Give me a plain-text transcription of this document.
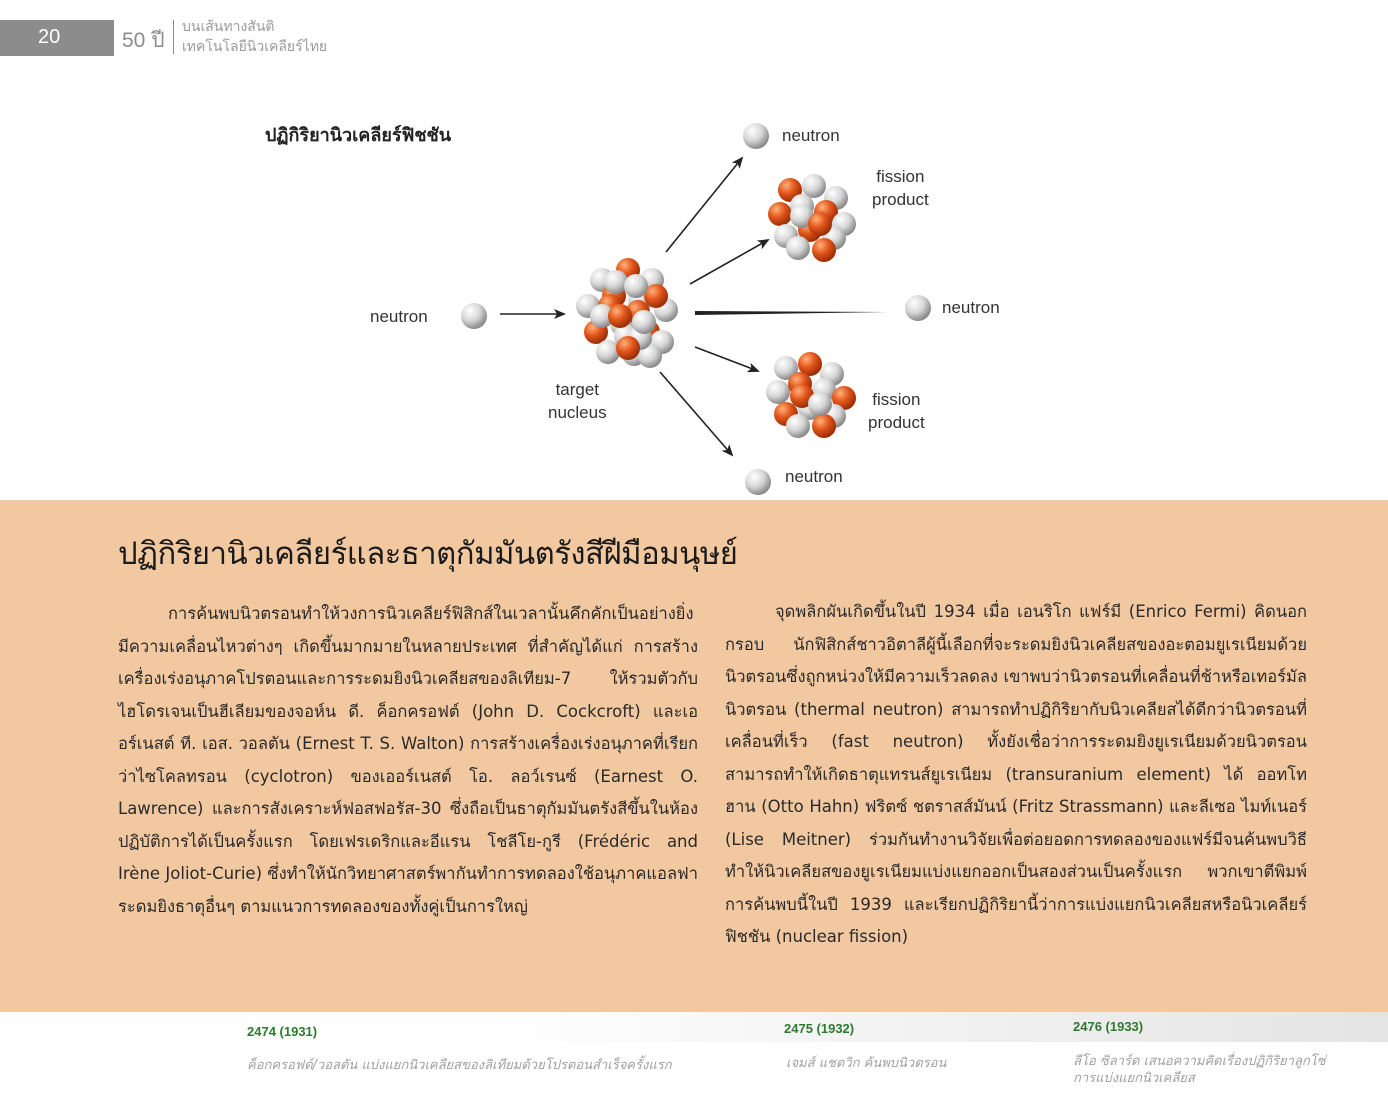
20	50 ปี
บนเส้นทางสันติ
เทคโนโลยีนิวเคลียร์ไทย
ปฏิกิริยานิวเคลียร์ฟิชชัน
neutron
neutron
neutron
neutron
fission
product
fission
product
target
nucleus
ปฏิกิริยานิวเคลียร์และธาตุกัมมันตรังสีฝีมือมนุษย์

การค้นพบนิวตรอนทำให้วงการนิวเคลียร์ฟิสิกส์ในเวลานั้นคึกคักเป็นอย่างยิ่ง มีความเคลื่อนไหวต่างๆ เกิดขึ้นมากมายในหลายประเทศ ที่สำคัญได้แก่ การสร้างเครื่องเร่งอนุภาคโปรตอนและการระดมยิงนิวเคลียสของลิเทียม-7 ให้รวมตัวกับไฮโดรเจนเป็นฮีเลียมของจอห์น ดี. ค็อกครอฟต์ (John D. Cockcroft) และเออร์เนสต์ ที. เอส. วอลตัน (Ernest T. S. Walton) การสร้างเครื่องเร่งอนุภาคที่เรียกว่าไซโคลทรอน (cyclotron) ของเออร์เนสต์ โอ. ลอว์เรนซ์ (Earnest O. Lawrence) และการสังเคราะห์ฟอสฟอรัส-30 ซึ่งถือเป็นธาตุกัมมันตรังสีขึ้นในห้องปฏิบัติการได้เป็นครั้งแรก โดยเฟรเดริกและอีแรน โชลีโย-กูรี (Frédéric and Irène Joliot-Curie) ซึ่งทำให้นักวิทยาศาสตร์พากันทำการทดลองใช้อนุภาคแอลฟาระดมยิงธาตุอื่นๆ ตามแนวการทดลองของทั้งคู่เป็นการใหญ่

จุดพลิกผันเกิดขึ้นในปี 1934 เมื่อ เอนริโก แฟร์มี (Enrico Fermi) คิดนอกกรอบ นักฟิสิกส์ชาวอิตาลีผู้นี้เลือกที่จะระดมยิงนิวเคลียสของอะตอมยูเรเนียมด้วยนิวตรอนซึ่งถูกหน่วงให้มีความเร็วลดลง เขาพบว่านิวตรอนที่เคลื่อนที่ช้าหรือเทอร์มัลนิวตรอน (thermal neutron) สามารถทำปฏิกิริยากับนิวเคลียสได้ดีกว่านิวตรอนที่เคลื่อนที่เร็ว (fast neutron) ทั้งยังเชื่อว่าการระดมยิงยูเรเนียมด้วยนิวตรอนสามารถทำให้เกิดธาตุแทรนส์ยูเรเนียม (transuranium element) ได้ ออทโท ฮาน (Otto Hahn) ฟริตซ์ ชตราสส์มันน์ (Fritz Strassmann) และลีเซอ ไมท์เนอร์ (Lise Meitner) ร่วมกันทำงานวิจัยเพื่อต่อยอดการทดลองของแฟร์มีจนค้นพบวิธีทำให้นิวเคลียสของยูเรเนียมแบ่งแยกออกเป็นสองส่วนเป็นครั้งแรก พวกเขาตีพิมพ์การค้นพบนี้ในปี 1939 และเรียกปฏิกิริยานี้ว่าการแบ่งแยกนิวเคลียสหรือนิวเคลียร์ฟิชชัน (nuclear fission)

2474 (1931)	2475 (1932)	2476 (1933)
ค็อกครอฟต์/วอลตัน แบ่งแยกนิวเคลียสของลิเทียมด้วยโปรตอนสำเร็จครั้งแรก	เจมส์ แชดวิก ค้นพบนิวตรอน	ลีโอ ซิลาร์ด เสนอความคิดเรื่องปฏิกิริยาลูกโซ่
การแบ่งแยกนิวเคลียส
